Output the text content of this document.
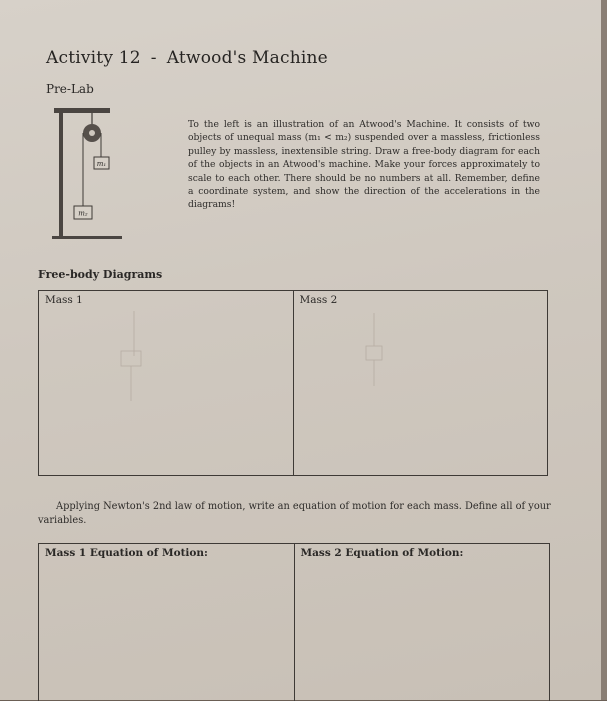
Activity 12 - Atwood's Machine
Pre-Lab
m₁
m₂
To the left is an illustration of an Atwood's Machine. It consists of two objects of unequal mass (m₁ < m₂) suspended over a massless, frictionless pulley by massless, inextensible string. Draw a free-body diagram for each of the objects in an Atwood's machine. Make your forces approximately to scale to each other. There should be no numbers at all. Remember, define a coordinate system, and show the direction of the accelerations in the diagrams!
Free-body Diagrams
Mass 1	Mass 2
Applying Newton's 2nd law of motion, write an equation of motion for each mass. Define all of your variables.
Mass 1 Equation of Motion:	Mass 2 Equation of Motion:
